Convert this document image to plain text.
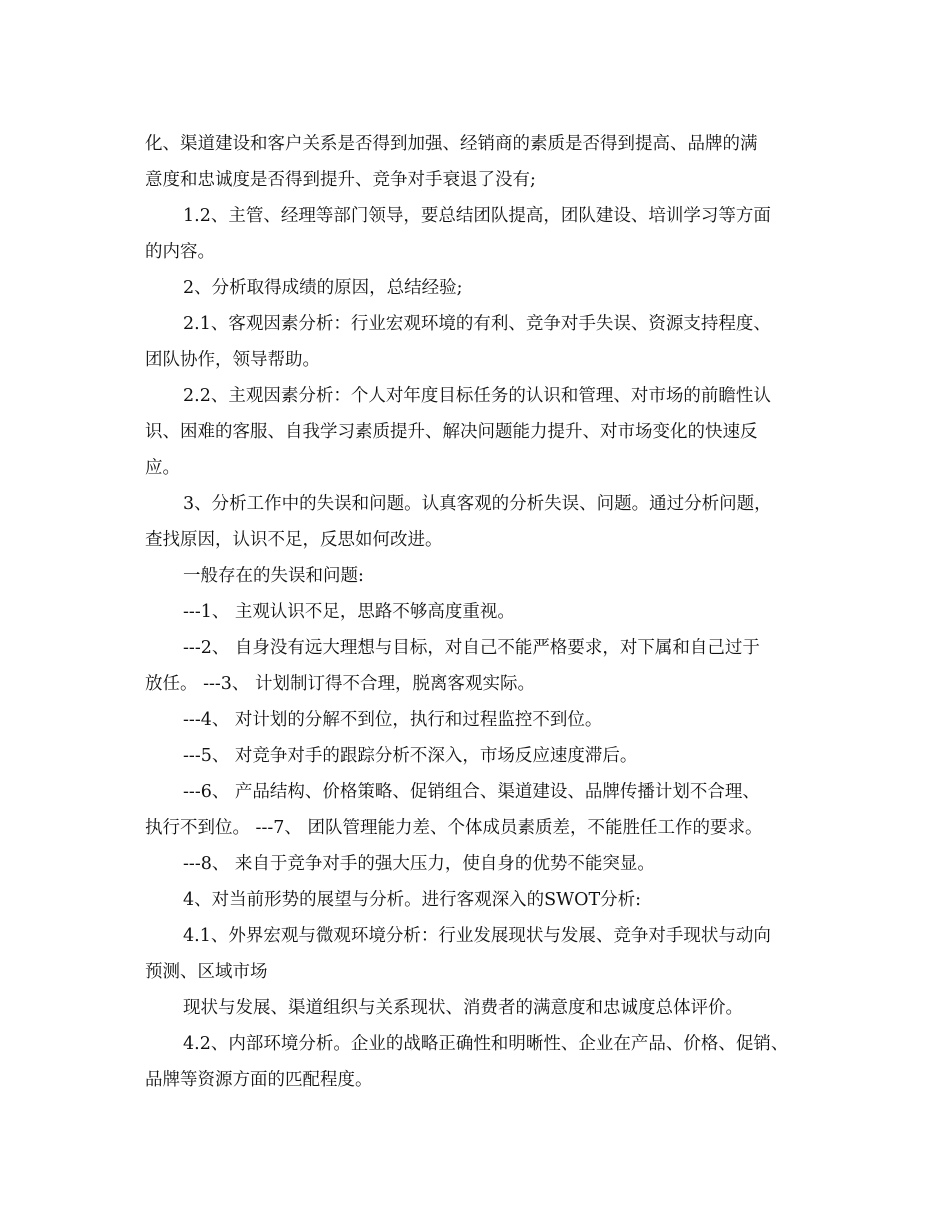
化、渠道建设和客户关系是否得到加强、经销商的素质是否得到提高、品牌的满
意度和忠诚度是否得到提升、竞争对手衰退了没有;
1.2、主管、经理等部门领导，要总结团队提高，团队建设、培训学习等方面
的内容。
2、分析取得成绩的原因，总结经验;
2.1、客观因素分析：行业宏观环境的有利、竞争对手失误、资源支持程度、
团队协作，领导帮助。
2.2、主观因素分析：个人对年度目标任务的认识和管理、对市场的前瞻性认
识、困难的客服、自我学习素质提升、解决问题能力提升、对市场变化的快速反
应。
3、分析工作中的失误和问题。认真客观的分析失误、问题。通过分析问题，
查找原因，认识不足，反思如何改进。
一般存在的失误和问题:
---1、 主观认识不足，思路不够高度重视。
---2、 自身没有远大理想与目标，对自己不能严格要求，对下属和自己过于
放任。 ---3、 计划制订得不合理，脱离客观实际。
---4、 对计划的分解不到位，执行和过程监控不到位。
---5、 对竞争对手的跟踪分析不深入，市场反应速度滞后。
---6、 产品结构、价格策略、促销组合、渠道建设、品牌传播计划不合理、
执行不到位。 ---7、 团队管理能力差、个体成员素质差，不能胜任工作的要求。
---8、 来自于竞争对手的强大压力，使自身的优势不能突显。
4、对当前形势的展望与分析。进行客观深入的SWOT分析:
4.1、外界宏观与微观环境分析：行业发展现状与发展、竞争对手现状与动向
预测、区域市场
现状与发展、渠道组织与关系现状、消费者的满意度和忠诚度总体评价。
4.2、内部环境分析。企业的战略正确性和明晰性、企业在产品、价格、促销、
品牌等资源方面的匹配程度。
